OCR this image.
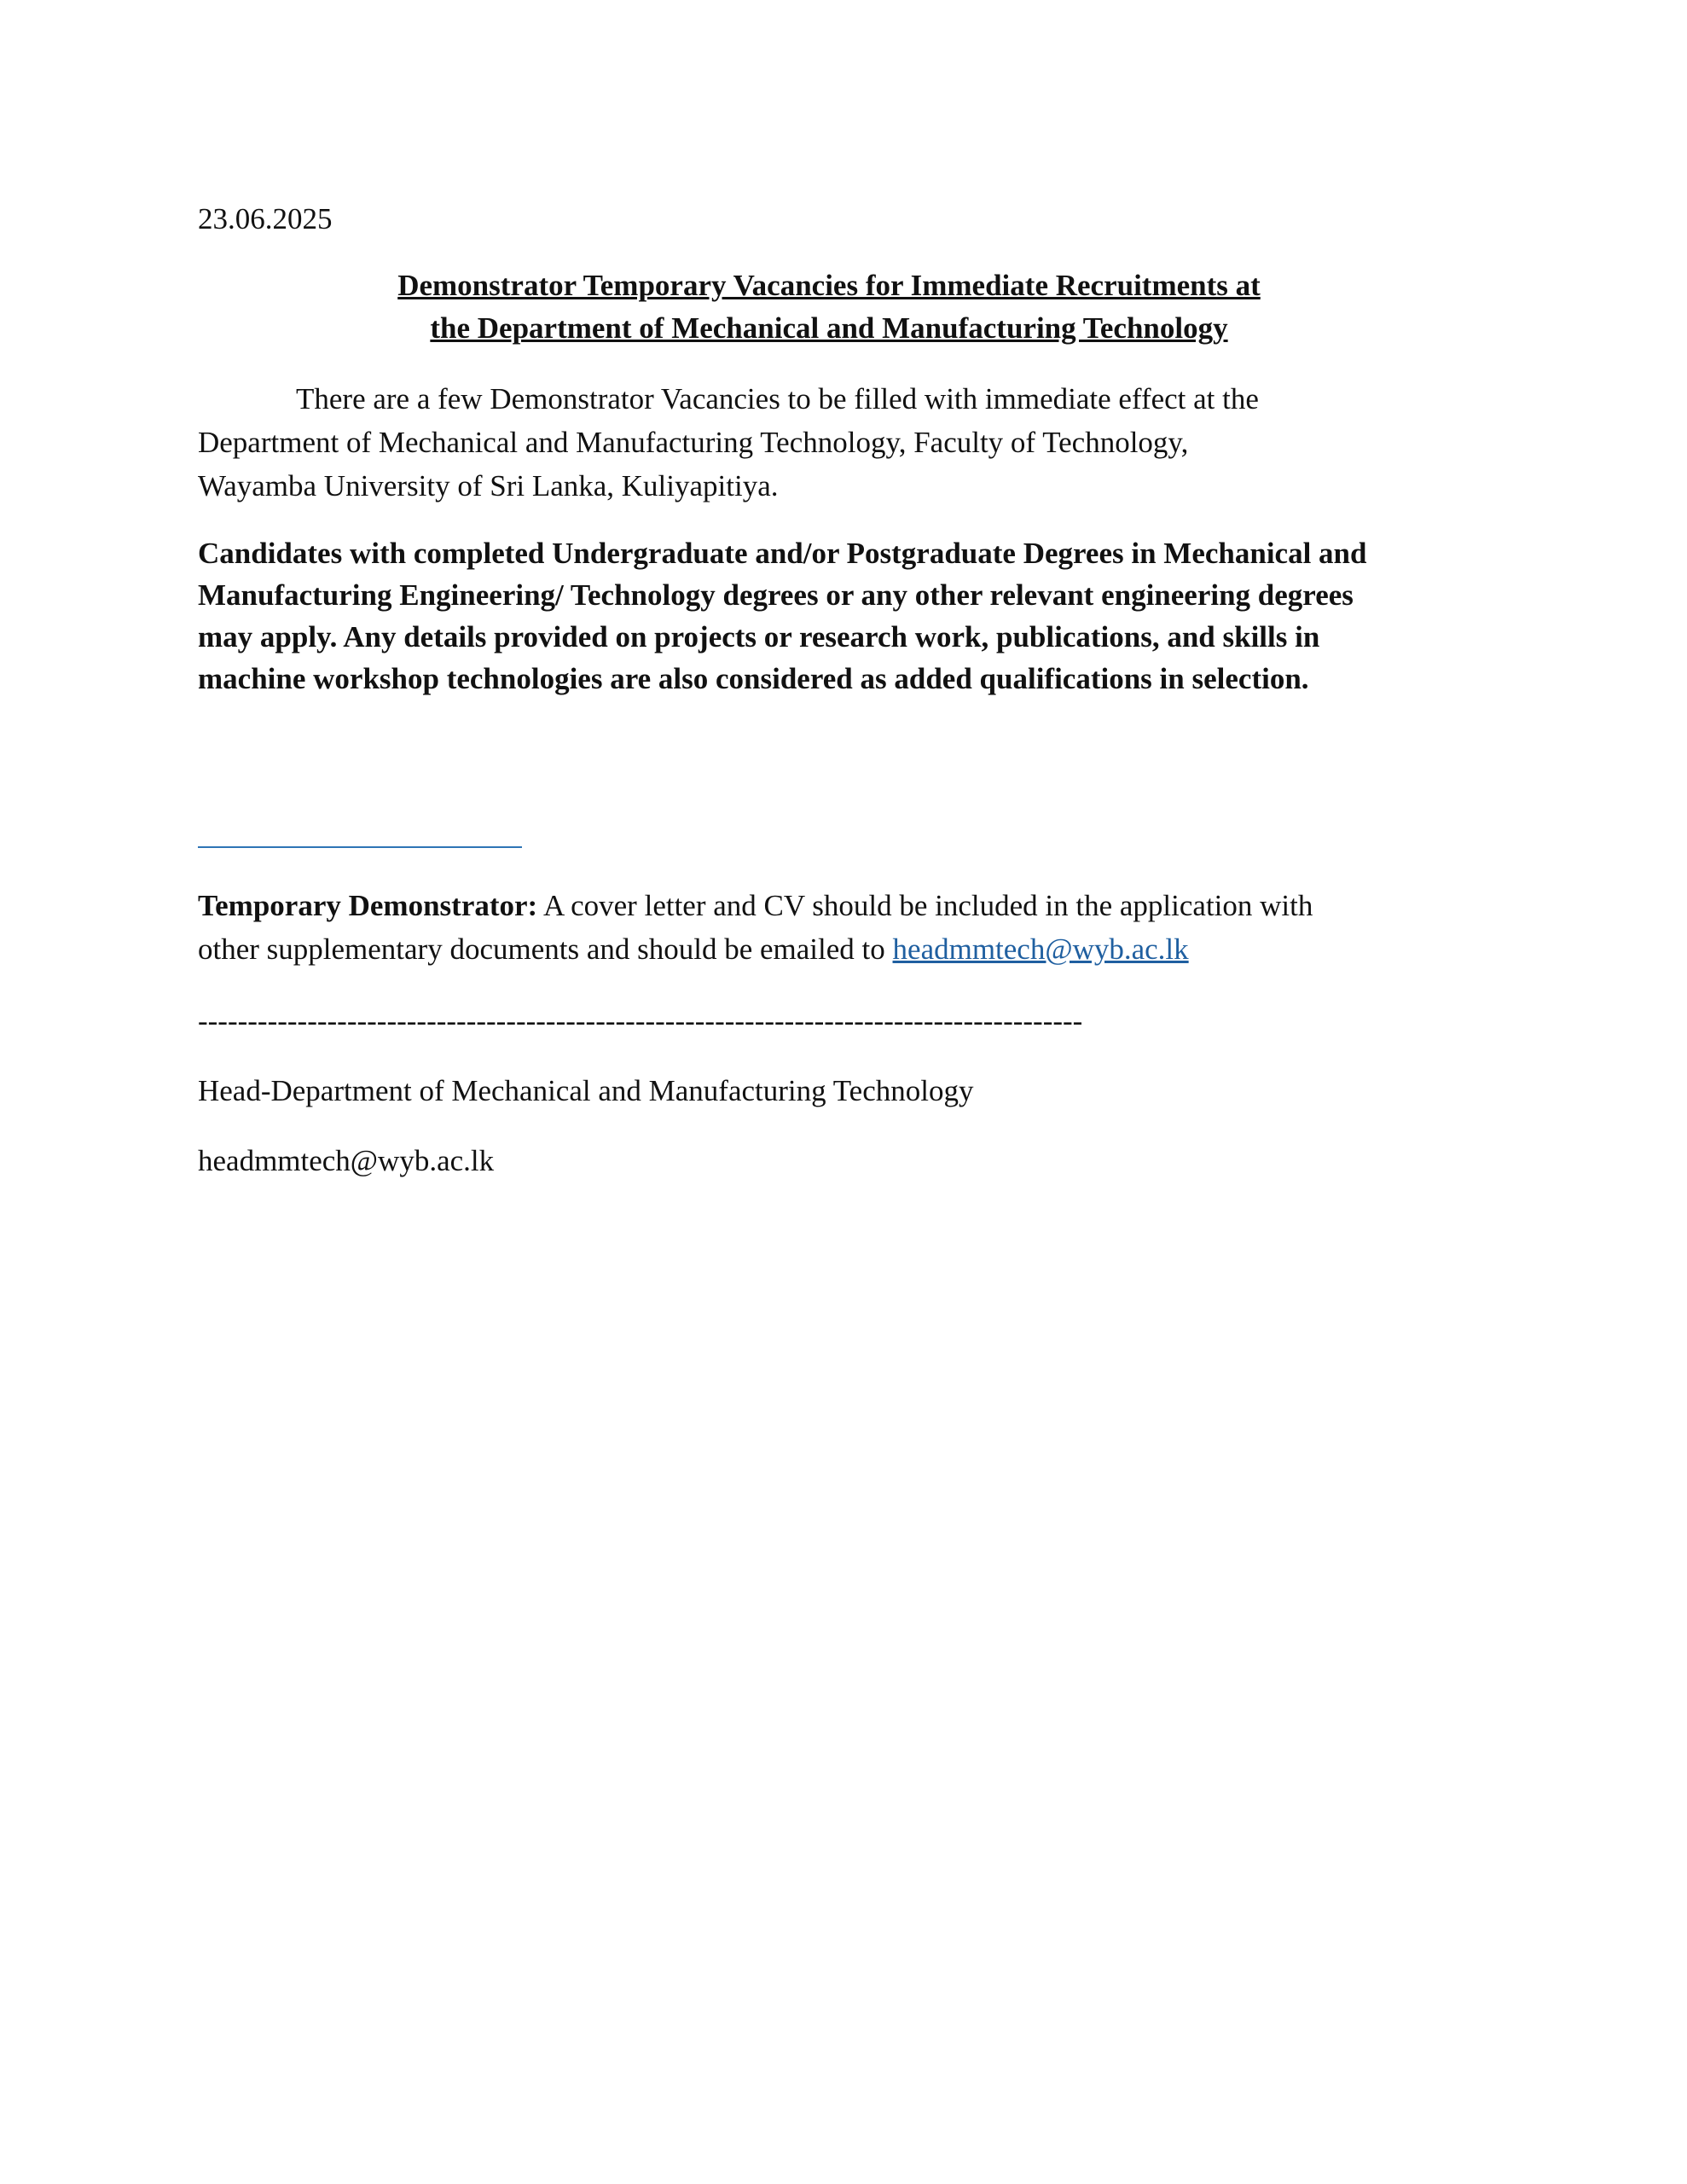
23.06.2025
Demonstrator Temporary Vacancies for Immediate Recruitments at
the Department of Mechanical and Manufacturing Technology
There are a few Demonstrator Vacancies to be filled with immediate effect at the
Department of Mechanical and Manufacturing Technology, Faculty of Technology,
Wayamba University of Sri Lanka, Kuliyapitiya.
Candidates with completed Undergraduate and/or Postgraduate Degrees in Mechanical and
Manufacturing Engineering/ Technology degrees or any other relevant engineering degrees
may apply. Any details provided on projects or research work, publications, and skills in
machine workshop technologies are also considered as added qualifications in selection.
Temporary Demonstrator: A cover letter and CV should be included in the application with
other supplementary documents and should be emailed to headmmtech@wyb.ac.lk
-----------------------------------------------------------------------------------------
Head-Department of Mechanical and Manufacturing Technology
headmmtech@wyb.ac.lk
